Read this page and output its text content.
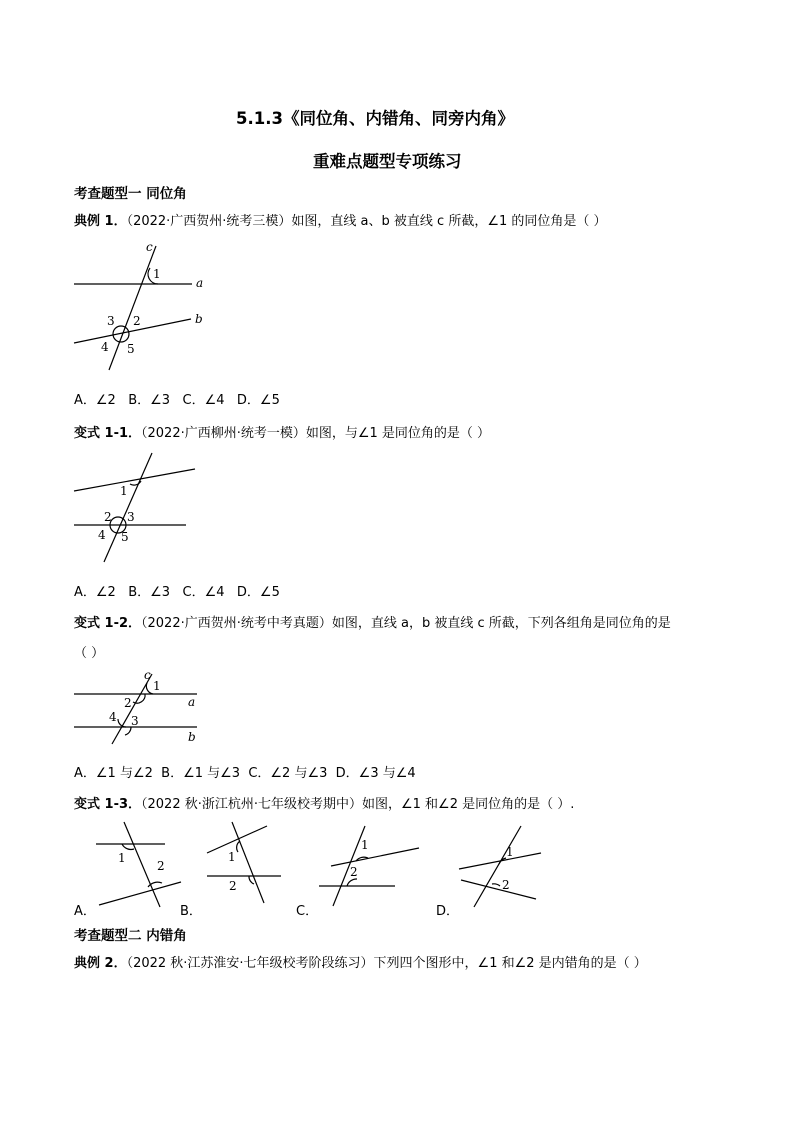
5.1.3《同位角、内错角、同旁内角》
重难点题型专项练习
考查题型一 同位角
典例 1．（2022·广西贺州·统考三模）如图，直线 a、b 被直线 c 所截，∠1 的同位角是（ ）
c
1
a
b
3 2
4 5
A．∠2 B．∠3 C．∠4 D．∠5
变式 1-1．（2022·广西柳州·统考一模）如图，与∠1 是同位角的是（ ）
1
2 3
4 5
A．∠2 B．∠3 C．∠4 D．∠5
变式 1-2．（2022·广西贺州·统考中考真题）如图，直线 a，b 被直线 c 所截，下列各组角是同位角的是
（ ）
c
1
2	a
4 3
b
A．∠1 与∠2 B．∠1 与∠3 C．∠2 与∠3 D．∠3 与∠4
变式 1-3．（2022 秋·浙江杭州·七年级校考期中）如图，∠1 和∠2 是同位角的是（ ）.
1
2
1
2
1
2
1
2
A．	B．	C．	D．
考查题型二 内错角
典例 2．（2022 秋·江苏淮安·七年级校考阶段练习）下列四个图形中，∠1 和∠2 是内错角的是（ ）
